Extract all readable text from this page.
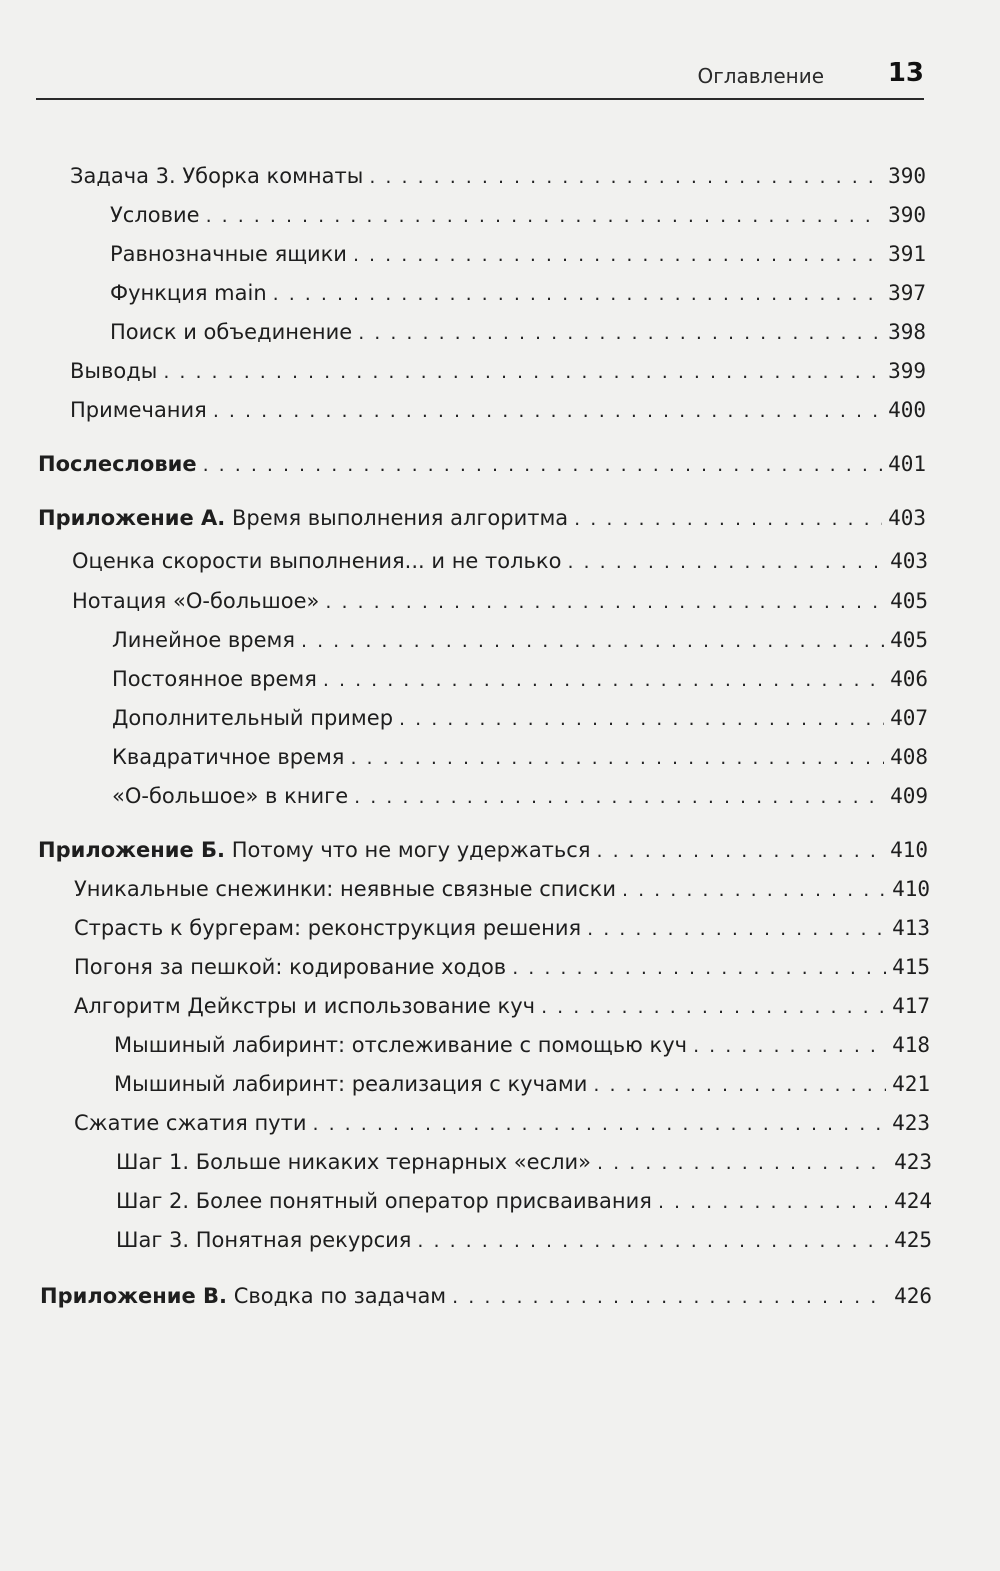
Оглавление 13
Задача 3. Уборка комнаты . . .	390
Условие . . .	390
Равнозначные ящики . . .	391
Функция main . . .	397
Поиск и объединение . . .	398
Выводы . . .	399
Примечания . . .	400
Послесловие . . .	401
Приложение А. Время выполнения алгоритма . . .	403
Оценка скорости выполнения... и не только . . .	403
Нотация «О-большое» . . .	405
Линейное время . . .	405
Постоянное время . . .	406
Дополнительный пример . . .	407
Квадратичное время . . .	408
«О-большое» в книге . . .	409
Приложение Б. Потому что не могу удержаться . . .	410
Уникальные снежинки: неявные связные списки . . .	410
Страсть к бургерам: реконструкция решения . . .	413
Погоня за пешкой: кодирование ходов . . .	415
Алгоритм Дейкстры и использование куч . . .	417
Мышиный лабиринт: отслеживание с помощью куч . . .	418
Мышиный лабиринт: реализация с кучами . . .	421
Сжатие сжатия пути . . .	423
Шаг 1. Больше никаких тернарных «если» . . .	423
Шаг 2. Более понятный оператор присваивания . . .	424
Шаг 3. Понятная рекурсия . . .	425
Приложение В. Сводка по задачам . . .	426
